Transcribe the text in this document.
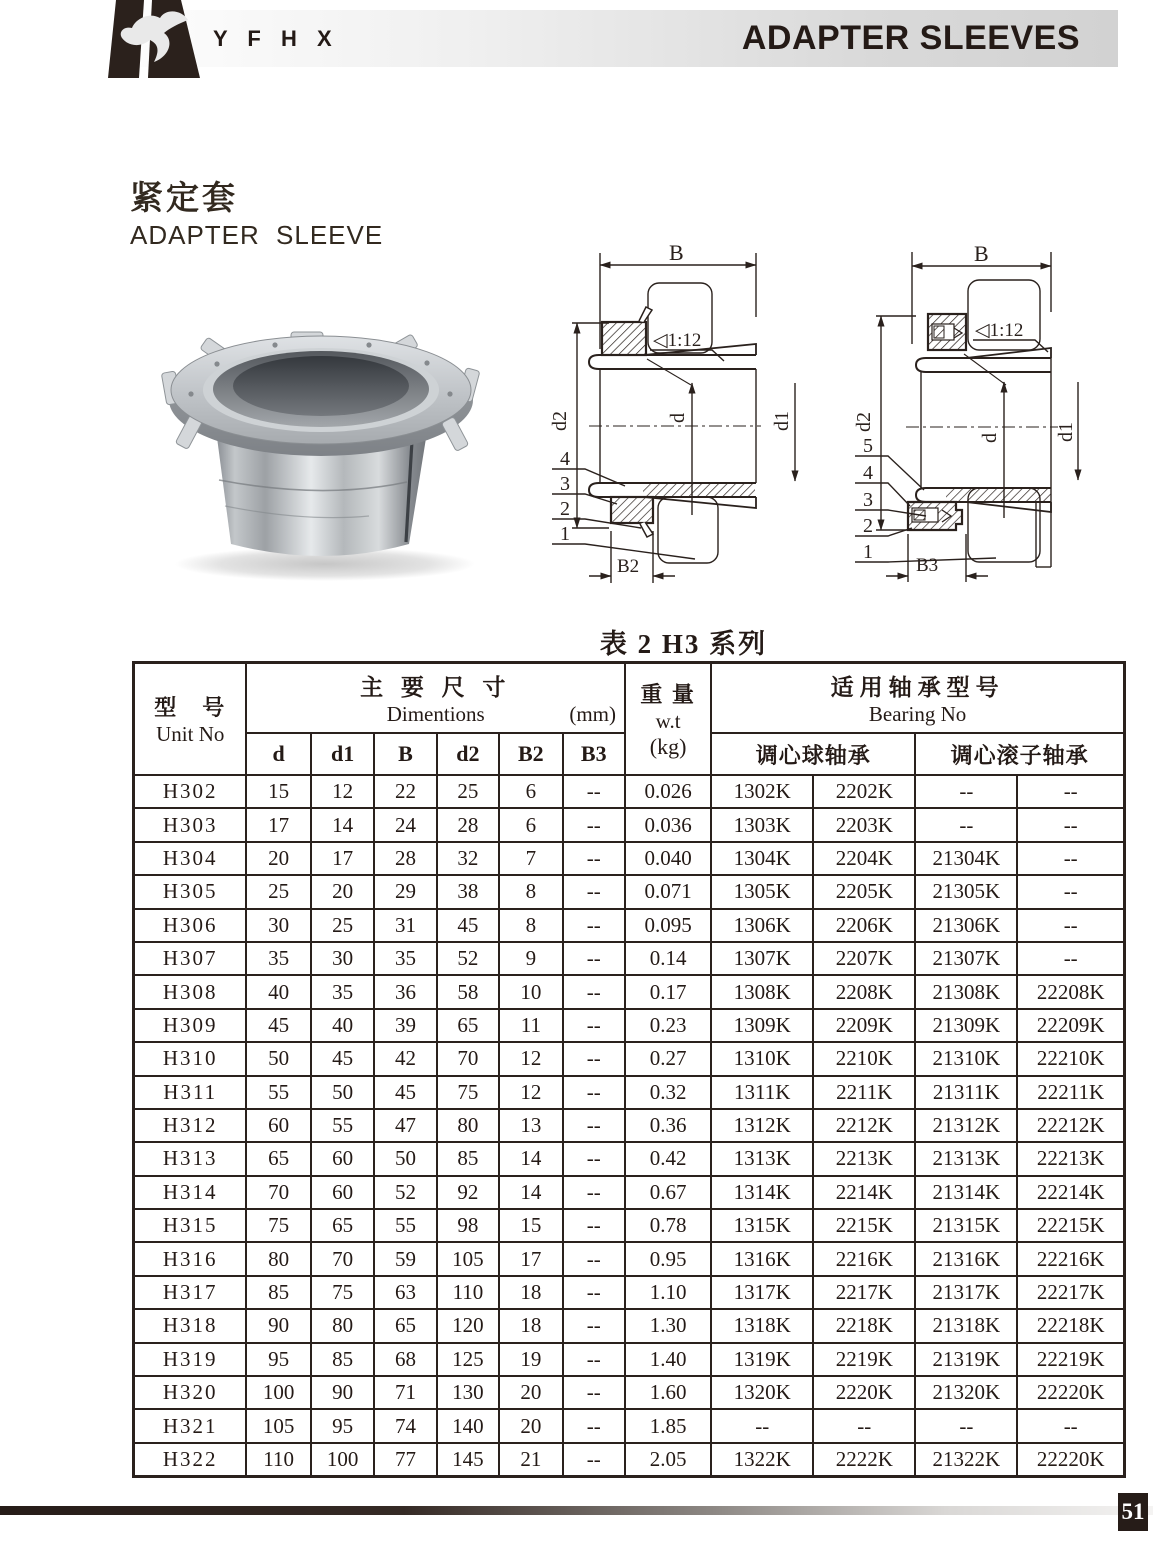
ADAPTER SLEEVES
Y F H X
紧定套
ADAPTER SLEEVE
B
◁1:12
d2	d	d1
4
3
2
1
B2
B
◁1:12
d2
d	d1
5
4
3
2
1
B3
表 2 H3 系列
型　号
Unit No

主 要 尺 寸
Dimentions	(mm)

重 量
w.t
(kg)

适用轴承型号
Bearing No

	d	d1	B	d2	B2	B3		调心球轴承		调心滚子轴承	
H302	15	12	22	25	6	--	0.026	1302K	2202K	--	--
H303	17	14	24	28	6	--	0.036	1303K	2203K	--	--
H304	20	17	28	32	7	--	0.040	1304K	2204K	21304K	--
H305	25	20	29	38	8	--	0.071	1305K	2205K	21305K	--
H306	30	25	31	45	8	--	0.095	1306K	2206K	21306K	--
H307	35	30	35	52	9	--	0.14	1307K	2207K	21307K	--
H308	40	35	36	58	10	--	0.17	1308K	2208K	21308K	22208K
H309	45	40	39	65	11	--	0.23	1309K	2209K	21309K	22209K
H310	50	45	42	70	12	--	0.27	1310K	2210K	21310K	22210K
H311	55	50	45	75	12	--	0.32	1311K	2211K	21311K	22211K
H312	60	55	47	80	13	--	0.36	1312K	2212K	21312K	22212K
H313	65	60	50	85	14	--	0.42	1313K	2213K	21313K	22213K
H314	70	60	52	92	14	--	0.67	1314K	2214K	21314K	22214K
H315	75	65	55	98	15	--	0.78	1315K	2215K	21315K	22215K
H316	80	70	59	105	17	--	0.95	1316K	2216K	21316K	22216K
H317	85	75	63	110	18	--	1.10	1317K	2217K	21317K	22217K
H318	90	80	65	120	18	--	1.30	1318K	2218K	21318K	22218K
H319	95	85	68	125	19	--	1.40	1319K	2219K	21319K	22219K
H320	100	90	71	130	20	--	1.60	1320K	2220K	21320K	22220K
H321	105	95	74	140	20	--	1.85	--	--	--	--
H322	110	100	77	145	21	--	2.05	1322K	2222K	21322K	22220K
51
